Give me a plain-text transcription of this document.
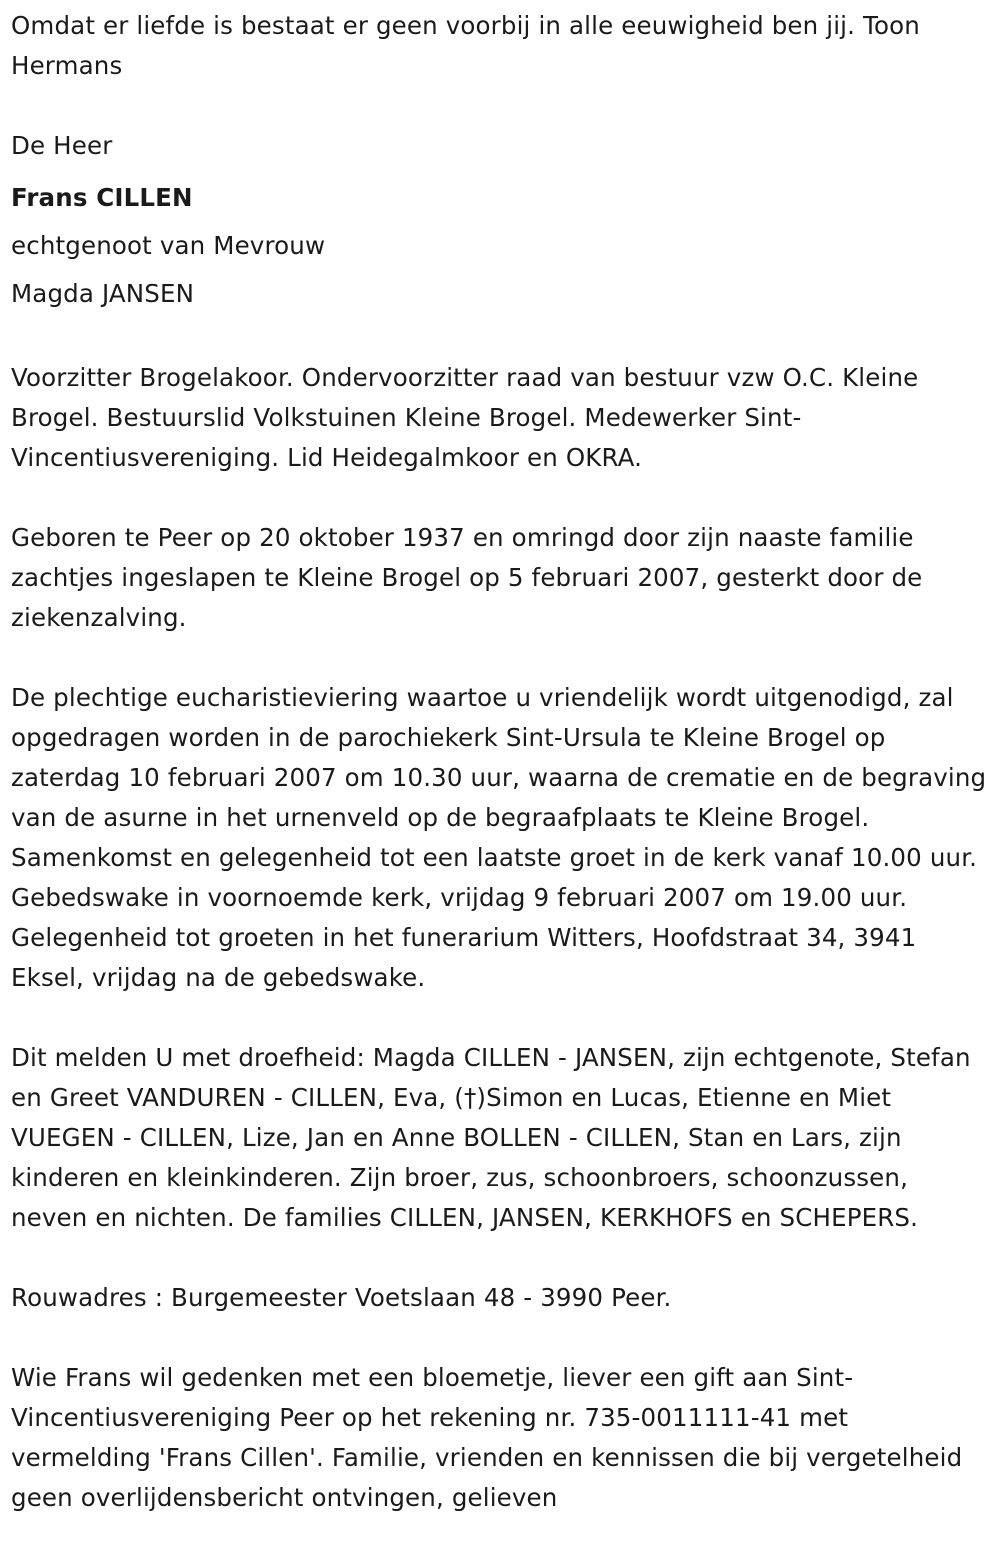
Omdat er liefde is bestaat er geen voorbij in alle eeuwigheid ben jij. Toon Hermans

De Heer
Frans CILLEN
echtgenoot van Mevrouw
Magda JANSEN

Voorzitter Brogelakoor. Ondervoorzitter raad van bestuur vzw O.C. Kleine Brogel. Bestuurslid Volkstuinen Kleine Brogel. Medewerker Sint-Vincentiusvereniging. Lid Heidegalmkoor en OKRA.

Geboren te Peer op 20 oktober 1937 en omringd door zijn naaste familie zachtjes ingeslapen te Kleine Brogel op 5 februari 2007, gesterkt door de ziekenzalving.

De plechtige eucharistieviering waartoe u vriendelijk wordt uitgenodigd, zal opgedragen worden in de parochiekerk Sint-Ursula te Kleine Brogel op zaterdag 10 februari 2007 om 10.30 uur, waarna de crematie en de begraving van de asurne in het urnenveld op de begraafplaats te Kleine Brogel. Samenkomst en gelegenheid tot een laatste groet in de kerk vanaf 10.00 uur. Gebedswake in voornoemde kerk, vrijdag 9 februari 2007 om 19.00 uur. Gelegenheid tot groeten in het funerarium Witters, Hoofdstraat 34, 3941 Eksel, vrijdag na de gebedswake.

Dit melden U met droefheid: Magda CILLEN - JANSEN, zijn echtgenote, Stefan en Greet VANDUREN - CILLEN, Eva, (†)Simon en Lucas, Etienne en Miet VUEGEN - CILLEN, Lize, Jan en Anne BOLLEN - CILLEN, Stan en Lars, zijn kinderen en kleinkinderen. Zijn broer, zus, schoonbroers, schoonzussen, neven en nichten. De families CILLEN, JANSEN, KERKHOFS en SCHEPERS.

Rouwadres : Burgemeester Voetslaan 48 - 3990 Peer.

Wie Frans wil gedenken met een bloemetje, liever een gift aan Sint-Vincentiusvereniging Peer op het rekening nr. 735-0011111-41 met vermelding 'Frans Cillen'. Familie, vrienden en kennissen die bij vergetelheid geen overlijdensbericht ontvingen, gelieven
